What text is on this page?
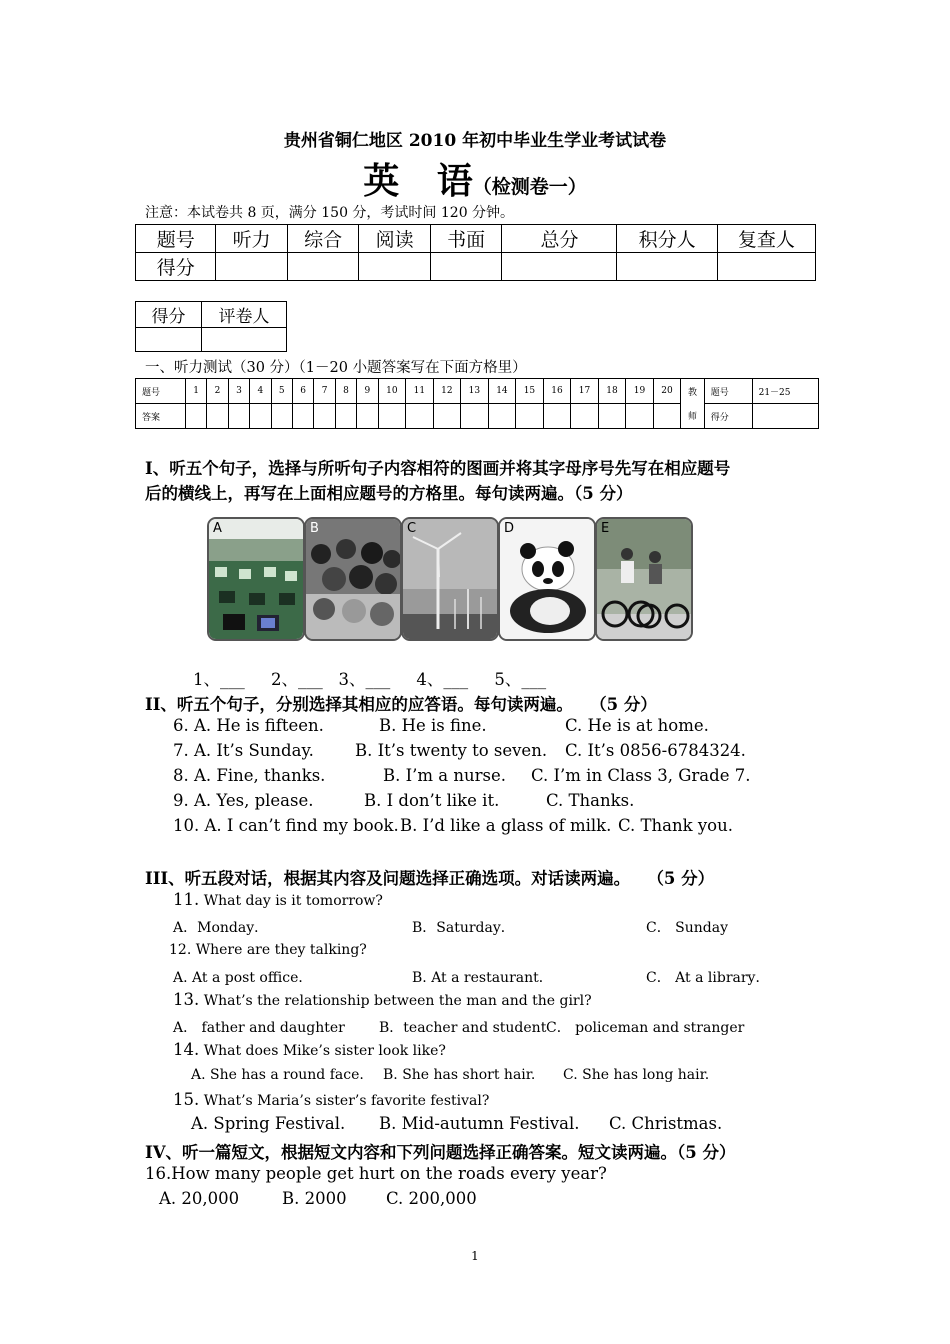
贵州省铜仁地区 2010 年初中毕业生学业考试试卷
英   语（检测卷一）
注意：本试卷共 8 页，满分 150 分，考试时间 120 分钟。
题号	听力	综合	阅读	书面	总分	积分人	复查人
得分							
得分	评卷人

一、听力测试（30 分）（1－20 小题答案写在下面方格里）
题号	1	2	3	4	5	6	7	8	9	10	11	12	13	14	15	16	17	18	19	20	教	题号	21－25
答案																					师	得分	
I、听五个句子，选择与所听句子内容相符的图画并将其字母序号先写在相应题号
后的横线上，再写在上面相应题号的方格里。每句读两遍。（5 分）
A	B	C	D	E
1、___     2、___   3、___     4、___     5、___
II、听五个句子，分别选择其相应的应答语。每句读两遍。   （5 分）
6. A. He is fifteen.	B. He is fine.	C. He is at home.
7. A. It’s Sunday. B. It’s twenty to seven. C. It’s 0856-6784324.
8. A. Fine, thanks.	B. I’m a nurse. C. I’m in Class 3, Grade 7.
9. A. Yes, please.	B. I don’t like it.	C. Thanks.
10. A. I can’t find my book. B. I’d like a glass of milk. C. Thank you.
III、听五段对话，根据其内容及问题选择正确选项。对话读两遍。   （5 分）
11. What day is it tomorrow?
A．Monday．	B．Saturday．	C． Sunday
12. Where are they talking?
A. At a post office．	B. At a restaurant．	C． At a library．
13. What’s the relationship between the man and the girl?
A． father and daughter B．teacher and student C． policeman and stranger
14. What does Mike’s sister look like?
A. She has a round face. B. She has short hair. C. She has long hair.
15. What’s Maria’s sister’s favorite festival?
A. Spring Festival. B. Mid-autumn Festival. C. Christmas.
IV、听一篇短文，根据短文内容和下列问题选择正确答案。短文读两遍。（5 分）
16.How many people get hurt on the roads every year?
A. 20,000	B. 2000 C. 200,000
1
